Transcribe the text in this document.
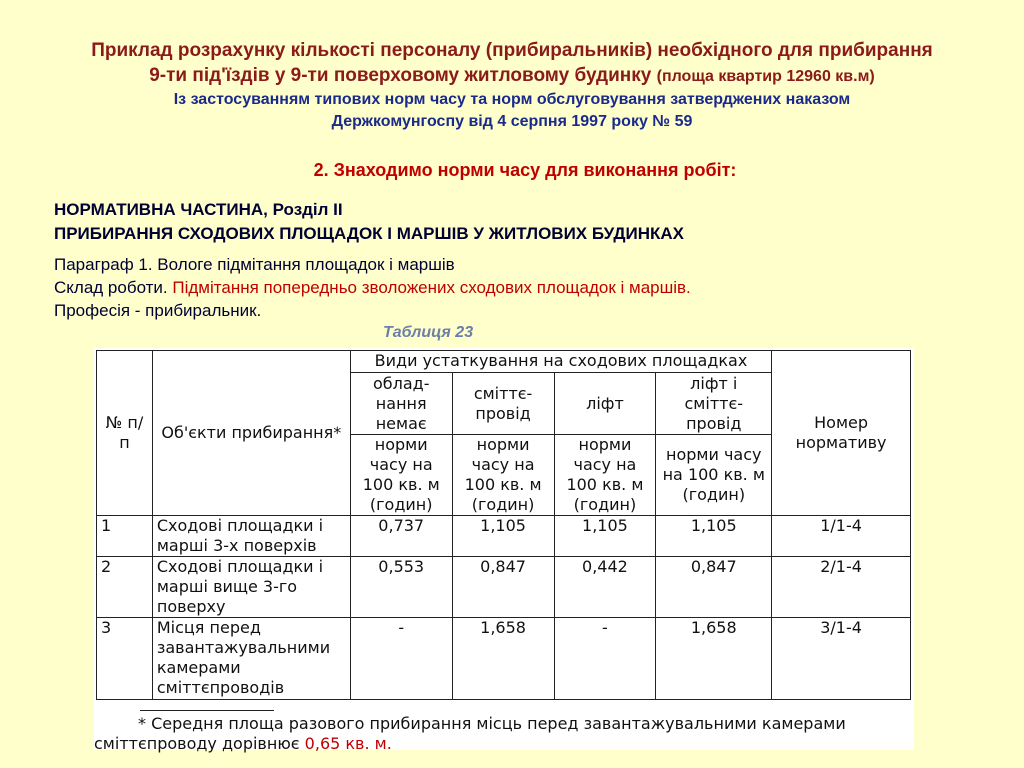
Приклад розрахунку кількості персоналу (прибиральників) необхідного для прибирання
9-ти під'їздів у 9-ти поверховому житловому будинку (площа квартир 12960 кв.м)
Із застосуванням типових норм часу та норм обслуговування затверджених наказом
Держкомунгоспу від 4 серпня 1997 року № 59
2. Знаходимо норми часу для виконання робіт:
НОРМАТИВНА ЧАСТИНА, Розділ ІІ
ПРИБИРАННЯ СХОДОВИХ ПЛОЩАДОК І МАРШІВ У ЖИТЛОВИХ БУДИНКАХ
Параграф 1. Вологе підмітання площадок і маршів
Склад роботи. Підмітання попередньо зволожених сходових площадок і маршів.
Професія - прибиральник.
Таблиця 23
№ п/п	Об'єкти прибирання*	Види устаткування на сходових площадках				Номер нормативу
		облад-нання немає	сміттє-провід	ліфт	ліфт і сміттє-провід	
		норми часу на 100 кв. м (годин)	норми часу на 100 кв. м (годин)	норми часу на 100 кв. м (годин)	норми часу на 100 кв. м (годин)	
1	Сходові площадки і марші 3-х поверхів	0,737	1,105	1,105	1,105	1/1-4
2	Сходові площадки і марші вище 3-го поверху	0,553	0,847	0,442	0,847	2/1-4
3	Місця перед завантажувальними камерами сміттєпроводів	-	1,658	-	1,658	3/1-4
* Середня площа разового прибирання місць перед завантажувальними камерами
сміттєпроводу дорівнює 0,65 кв. м.
